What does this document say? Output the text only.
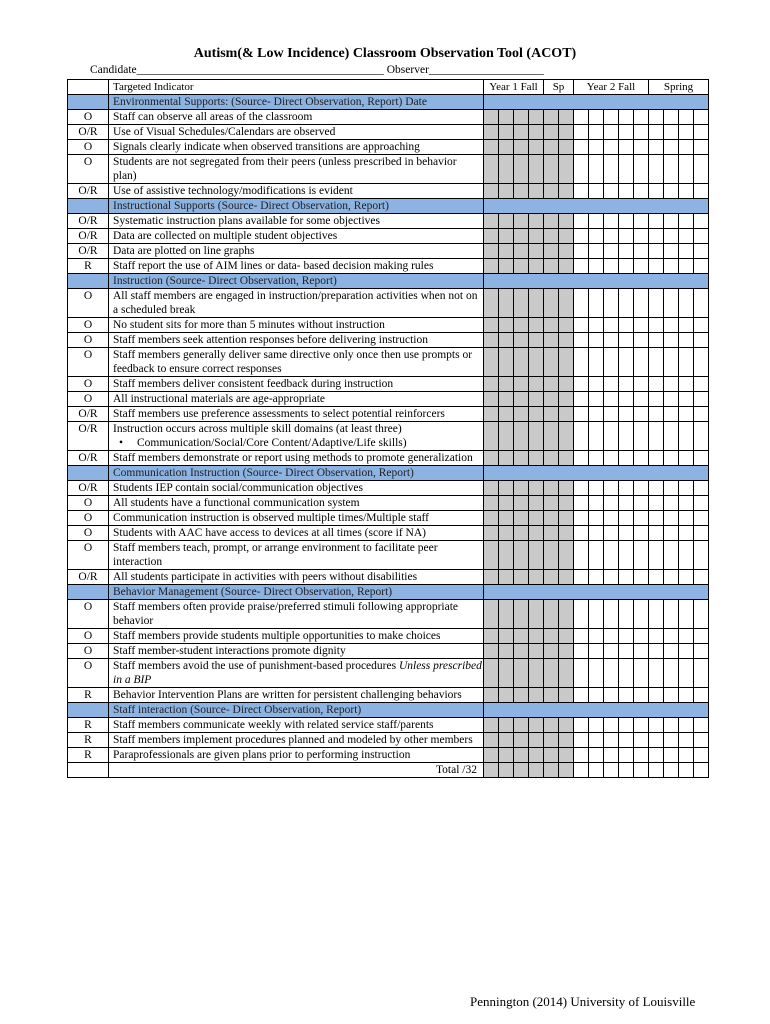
Autism(& Low Incidence) Classroom Observation Tool (ACOT)
Candidate___________________________________________ Observer____________________
	Targeted Indicator	Year 1 Fall				Sp		Year 2 Fall					Spring			
	Environmental Supports: (Source- Direct Observation, Report) Date															
O	Staff can observe all areas of the classroom															
O/R	Use of Visual Schedules/Calendars are observed															
O	Signals clearly indicate when observed transitions are approaching															
O	Students are not segregated from their peers (unless prescribed in behavior plan)															
O/R	Use of assistive technology/modifications is evident															
	Instructional Supports (Source- Direct Observation, Report)															
O/R	Systematic instruction plans available for some objectives															
O/R	Data are collected on multiple student objectives															
O/R	Data are plotted on line graphs															
R	Staff report the use of AIM lines or data- based decision making rules															
	Instruction (Source- Direct Observation, Report)															
O	All staff members are engaged in instruction/preparation activities when not on a scheduled break															
O	No student sits for more than 5 minutes without instruction															
O	Staff members seek attention responses before delivering instruction															
O	Staff members generally deliver same directive only once then use prompts or feedback to ensure correct responses															
O	Staff members deliver consistent feedback during instruction															
O	All instructional materials are age-appropriate															
O/R	Staff members use preference assessments to select potential reinforcers															
O/R	Instruction occurs across multiple skill domains (at least three)
• Communication/Social/Core Content/Adaptive/Life skills)															

O/R	Staff members demonstrate or report using methods to promote generalization															
	Communication Instruction (Source- Direct Observation, Report)															
O/R	Students IEP contain social/communication objectives															
O	All students have a functional communication system															
O	Communication instruction is observed multiple times/Multiple staff															
O	Students with AAC have access to devices at all times (score if NA)															
O	Staff members teach, prompt, or arrange environment to facilitate peer interaction															
O/R	All students participate in activities with peers without disabilities															
	Behavior Management (Source- Direct Observation, Report)															
O	Staff members often provide praise/preferred stimuli following appropriate behavior															
O	Staff members provide students multiple opportunities to make choices															
O	Staff member-student interactions promote dignity															
O	Staff members avoid the use of punishment-based procedures Unless prescribed in a BIP															
R	Behavior Intervention Plans are written for persistent challenging behaviors															
	Staff interaction (Source- Direct Observation, Report)															
R	Staff members communicate weekly with related service staff/parents															
R	Staff members implement procedures planned and modeled by other members															
R	Paraprofessionals are given plans prior to performing instruction															
	Total /32															
Pennington (2014) University of Louisville
